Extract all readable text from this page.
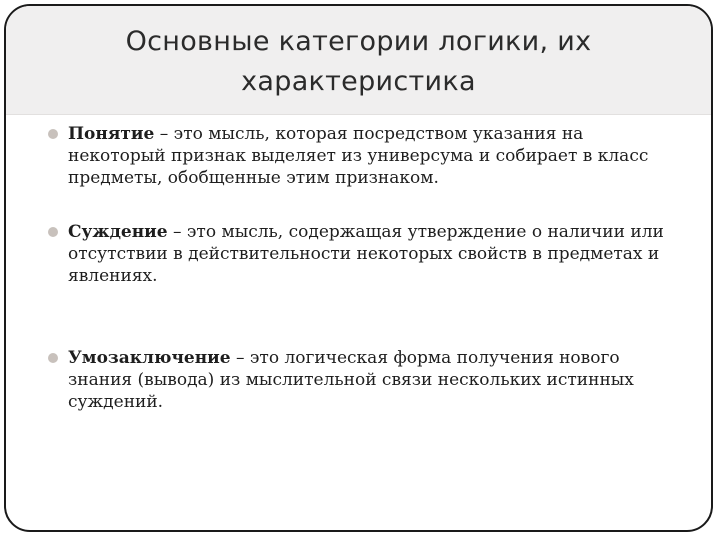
Основные категории логики, их
характеристика
Понятие – это мысль, которая посредством указания на некоторый признак выделяет из универсума и собирает в класс предметы, обобщенные этим признаком.
Суждение – это мысль, содержащая утверждение о наличии или отсутствии в действительности некоторых свойств в предметах и явлениях.
Умозаключение – это логическая форма получения нового знания (вывода) из мыслительной связи нескольких истинных суждений.
